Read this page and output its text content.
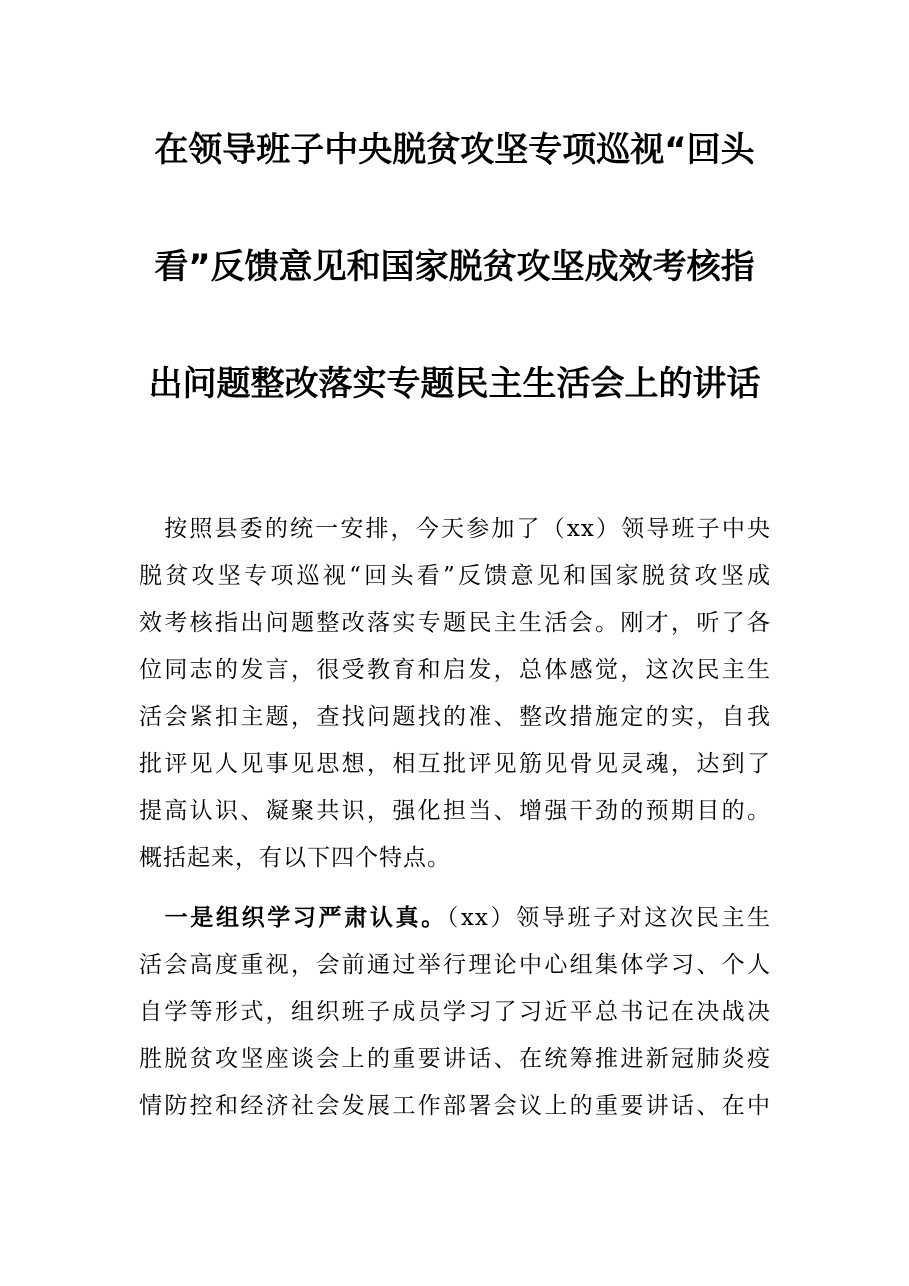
在领导班子中央脱贫攻坚专项巡视“回头
看”反馈意见和国家脱贫攻坚成效考核指
出问题整改落实专题民主生活会上的讲话
　按照县委的统一安排，今天参加了（xx）领导班子中央
脱贫攻坚专项巡视“回头看”反馈意见和国家脱贫攻坚成
效考核指出问题整改落实专题民主生活会。刚才，听了各
位同志的发言，很受教育和启发，总体感觉，这次民主生
活会紧扣主题，查找问题找的准、整改措施定的实，自我
批评见人见事见思想，相互批评见筋见骨见灵魂，达到了
提高认识、凝聚共识，强化担当、增强干劲的预期目的。
概括起来，有以下四个特点。
　一是组织学习严肃认真。（xx）领导班子对这次民主生
活会高度重视，会前通过举行理论中心组集体学习、个人
自学等形式，组织班子成员学习了习近平总书记在决战决
胜脱贫攻坚座谈会上的重要讲话、在统筹推进新冠肺炎疫
情防控和经济社会发展工作部署会议上的重要讲话、在中
